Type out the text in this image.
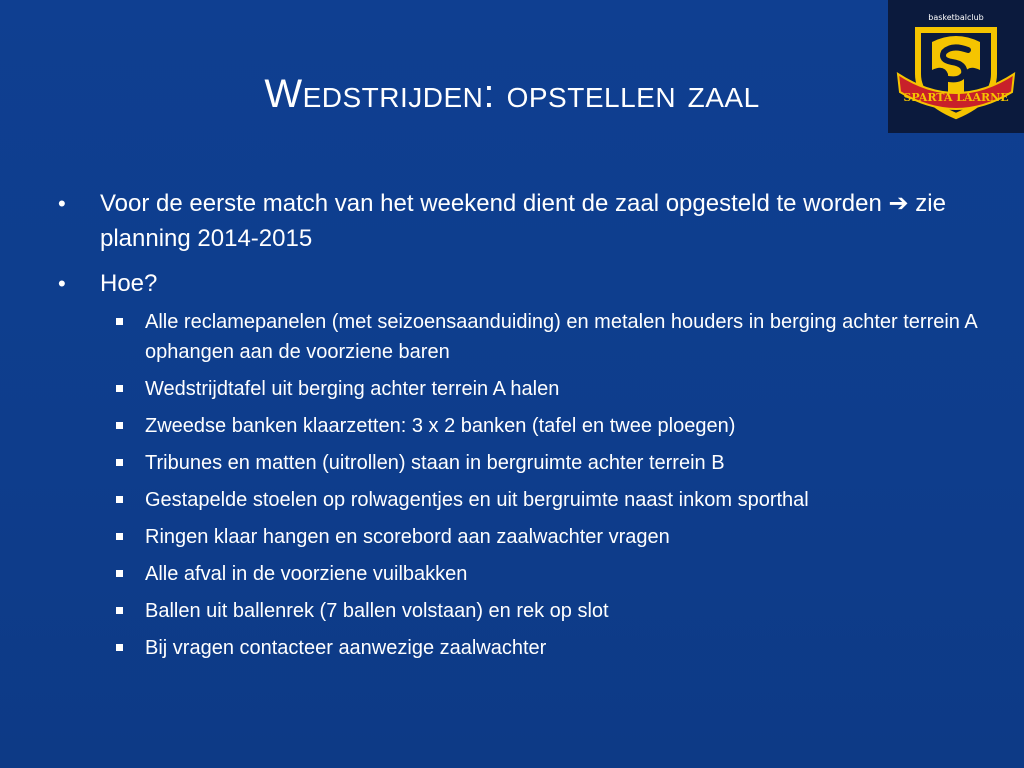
Wedstrijden: opstellen zaal
basketbalclub
SPARTA LAARNE
• Voor de eerste match van het weekend dient de zaal opgesteld te worden ➔ zie planning 2014-2015
• Hoe?
Alle reclamepanelen (met seizoensaanduiding) en metalen houders in berging achter terrein A ophangen aan de voorziene baren
Wedstrijdtafel uit berging achter terrein A halen
Zweedse banken klaarzetten: 3 x 2 banken (tafel en twee ploegen)
Tribunes en matten (uitrollen) staan in bergruimte achter terrein B
Gestapelde stoelen op rolwagentjes en uit bergruimte naast inkom sporthal
Ringen klaar hangen en scorebord aan zaalwachter vragen
Alle afval in de voorziene vuilbakken
Ballen uit ballenrek (7 ballen volstaan) en rek op slot
Bij vragen contacteer aanwezige zaalwachter
